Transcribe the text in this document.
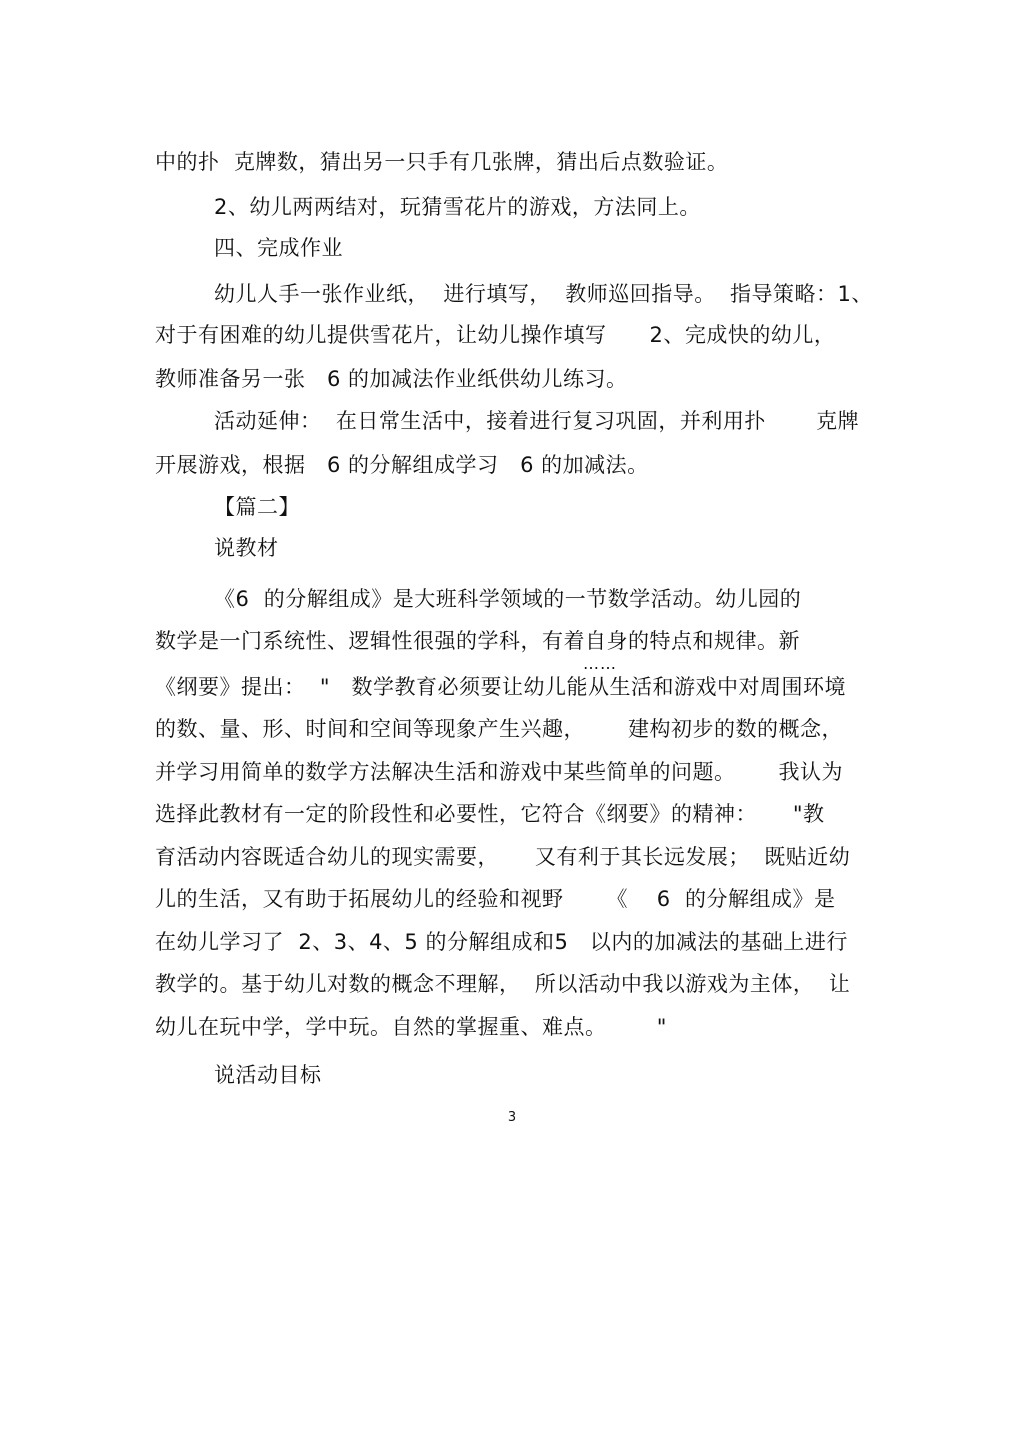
中的扑  克牌数，猜出另一只手有几张牌，猜出后点数验证。
2、幼儿两两结对，玩猜雪花片的游戏，方法同上。
四、完成作业
幼儿人手一张作业纸，  进行填写，  教师巡回指导。  指导策略：1、
对于有困难的幼儿提供雪花片，让幼儿操作填写      2、完成快的幼儿，
教师准备另一张   6 的加减法作业纸供幼儿练习。
活动延伸：  在日常生活中，接着进行复习巩固，并利用扑       克牌
开展游戏，根据   6 的分解组成学习   6 的加减法。
【篇二】
说教材
《6  的分解组成》是大班科学领域的一节数学活动。幼儿园的
数学是一门系统性、逻辑性很强的学科，有着自身的特点和规律。新
……
《纲要》提出：  "   数学教育必须要让幼儿能从生活和游戏中对周围环境
的数、量、形、时间和空间等现象产生兴趣，      建构初步的数的概念，
并学习用简单的数学方法解决生活和游戏中某些简单的问题。      我认为
选择此教材有一定的阶段性和必要性，它符合《纲要》的精神：     "教
育活动内容既适合幼儿的现实需要，     又有利于其长远发展；  既贴近幼
儿的生活，又有助于拓展幼儿的经验和视野      《    6  的分解组成》是
在幼儿学习了  2、3、4、5 的分解组成和5   以内的加减法的基础上进行
教学的。基于幼儿对数的概念不理解，  所以活动中我以游戏为主体，  让
幼儿在玩中学，学中玩。自然的掌握重、难点。       "
说活动目标
3
